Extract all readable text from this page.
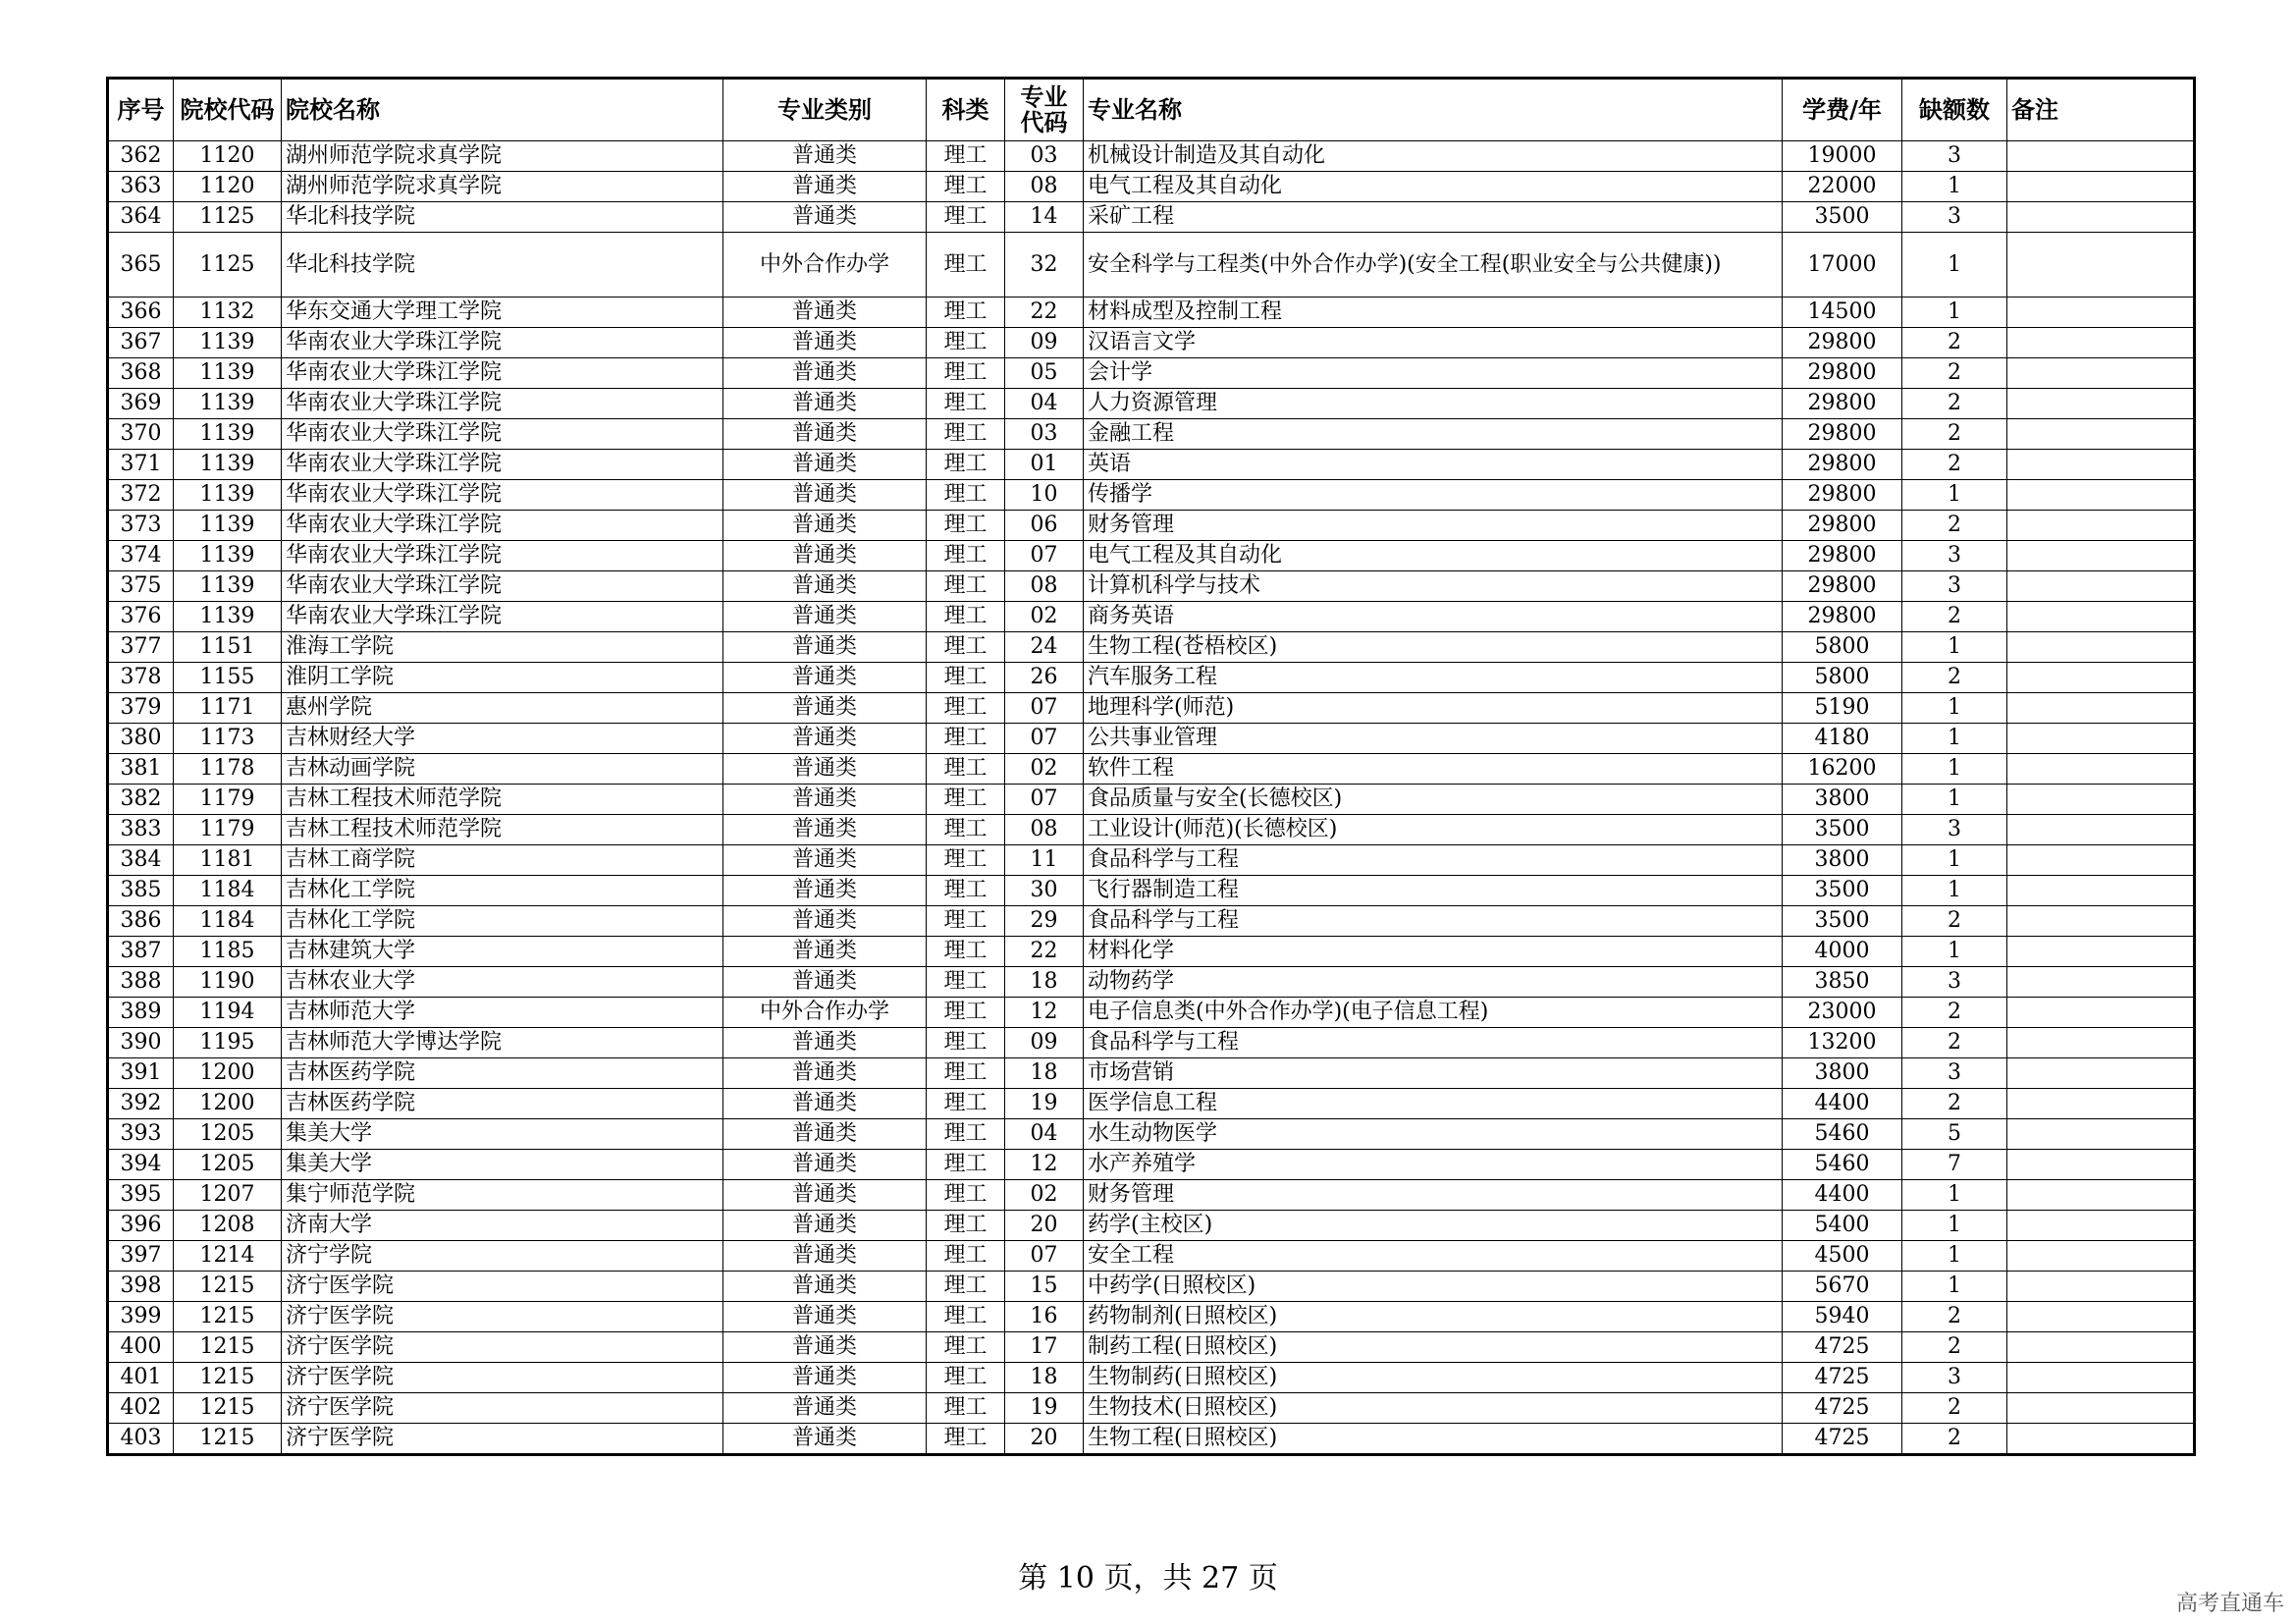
序号	院校代码	院校名称	专业类别	科类	专业代码	专业名称	学费/年	缺额数	备注
362	1120	湖州师范学院求真学院	普通类	理工	03	机械设计制造及其自动化	19000	3	
363	1120	湖州师范学院求真学院	普通类	理工	08	电气工程及其自动化	22000	1	
364	1125	华北科技学院	普通类	理工	14	采矿工程	3500	3	
365	1125	华北科技学院	中外合作办学	理工	32	安全科学与工程类(中外合作办学)(安全工程(职业安全与公共健康))	17000	1	
366	1132	华东交通大学理工学院	普通类	理工	22	材料成型及控制工程	14500	1	
367	1139	华南农业大学珠江学院	普通类	理工	09	汉语言文学	29800	2	
368	1139	华南农业大学珠江学院	普通类	理工	05	会计学	29800	2	
369	1139	华南农业大学珠江学院	普通类	理工	04	人力资源管理	29800	2	
370	1139	华南农业大学珠江学院	普通类	理工	03	金融工程	29800	2	
371	1139	华南农业大学珠江学院	普通类	理工	01	英语	29800	2	
372	1139	华南农业大学珠江学院	普通类	理工	10	传播学	29800	1	
373	1139	华南农业大学珠江学院	普通类	理工	06	财务管理	29800	2	
374	1139	华南农业大学珠江学院	普通类	理工	07	电气工程及其自动化	29800	3	
375	1139	华南农业大学珠江学院	普通类	理工	08	计算机科学与技术	29800	3	
376	1139	华南农业大学珠江学院	普通类	理工	02	商务英语	29800	2	
377	1151	淮海工学院	普通类	理工	24	生物工程(苍梧校区)	5800	1	
378	1155	淮阴工学院	普通类	理工	26	汽车服务工程	5800	2	
379	1171	惠州学院	普通类	理工	07	地理科学(师范)	5190	1	
380	1173	吉林财经大学	普通类	理工	07	公共事业管理	4180	1	
381	1178	吉林动画学院	普通类	理工	02	软件工程	16200	1	
382	1179	吉林工程技术师范学院	普通类	理工	07	食品质量与安全(长德校区)	3800	1	
383	1179	吉林工程技术师范学院	普通类	理工	08	工业设计(师范)(长德校区)	3500	3	
384	1181	吉林工商学院	普通类	理工	11	食品科学与工程	3800	1	
385	1184	吉林化工学院	普通类	理工	30	飞行器制造工程	3500	1	
386	1184	吉林化工学院	普通类	理工	29	食品科学与工程	3500	2	
387	1185	吉林建筑大学	普通类	理工	22	材料化学	4000	1	
388	1190	吉林农业大学	普通类	理工	18	动物药学	3850	3	
389	1194	吉林师范大学	中外合作办学	理工	12	电子信息类(中外合作办学)(电子信息工程)	23000	2	
390	1195	吉林师范大学博达学院	普通类	理工	09	食品科学与工程	13200	2	
391	1200	吉林医药学院	普通类	理工	18	市场营销	3800	3	
392	1200	吉林医药学院	普通类	理工	19	医学信息工程	4400	2	
393	1205	集美大学	普通类	理工	04	水生动物医学	5460	5	
394	1205	集美大学	普通类	理工	12	水产养殖学	5460	7	
395	1207	集宁师范学院	普通类	理工	02	财务管理	4400	1	
396	1208	济南大学	普通类	理工	20	药学(主校区)	5400	1	
397	1214	济宁学院	普通类	理工	07	安全工程	4500	1	
398	1215	济宁医学院	普通类	理工	15	中药学(日照校区)	5670	1	
399	1215	济宁医学院	普通类	理工	16	药物制剂(日照校区)	5940	2	
400	1215	济宁医学院	普通类	理工	17	制药工程(日照校区)	4725	2	
401	1215	济宁医学院	普通类	理工	18	生物制药(日照校区)	4725	3	
402	1215	济宁医学院	普通类	理工	19	生物技术(日照校区)	4725	2	
403	1215	济宁医学院	普通类	理工	20	生物工程(日照校区)	4725	2	
第 10 页，共 27 页
高考直通车
